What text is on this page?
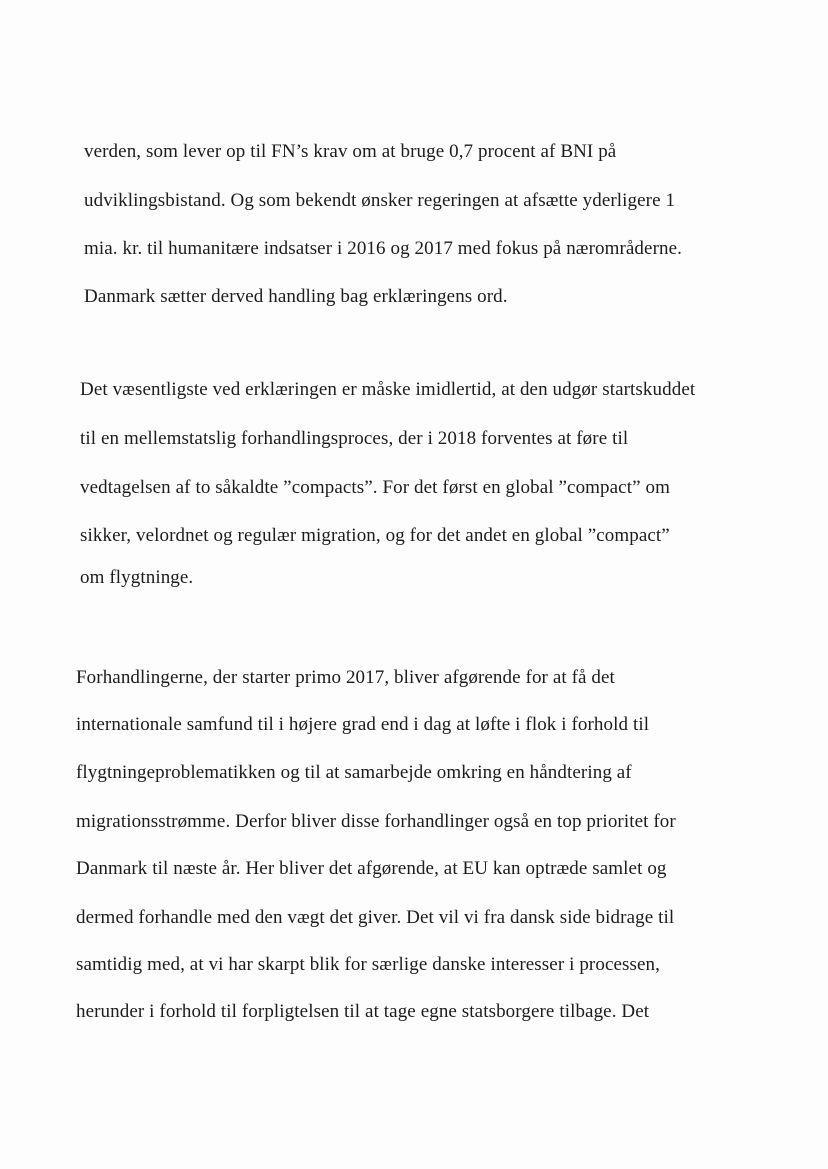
verden, som lever op til FN’s krav om at bruge 0,7 procent af BNI på
udviklingsbistand. Og som bekendt ønsker regeringen at afsætte yderligere 1
mia. kr. til humanitære indsatser i 2016 og 2017 med fokus på nærområderne.
Danmark sætter derved handling bag erklæringens ord.
Det væsentligste ved erklæringen er måske imidlertid, at den udgør startskuddet
til en mellemstatslig forhandlingsproces, der i 2018 forventes at føre til
vedtagelsen af to såkaldte ”compacts”. For det først en global ”compact” om
sikker, velordnet og regulær migration, og for det andet en global ”compact”
om flygtninge.
Forhandlingerne, der starter primo 2017, bliver afgørende for at få det
internationale samfund til i højere grad end i dag at løfte i flok i forhold til
flygtningeproblematikken og til at samarbejde omkring en håndtering af
migrationsstrømme. Derfor bliver disse forhandlinger også en top prioritet for
Danmark til næste år. Her bliver det afgørende, at EU kan optræde samlet og
dermed forhandle med den vægt det giver. Det vil vi fra dansk side bidrage til
samtidig med, at vi har skarpt blik for særlige danske interesser i processen,
herunder i forhold til forpligtelsen til at tage egne statsborgere tilbage. Det
